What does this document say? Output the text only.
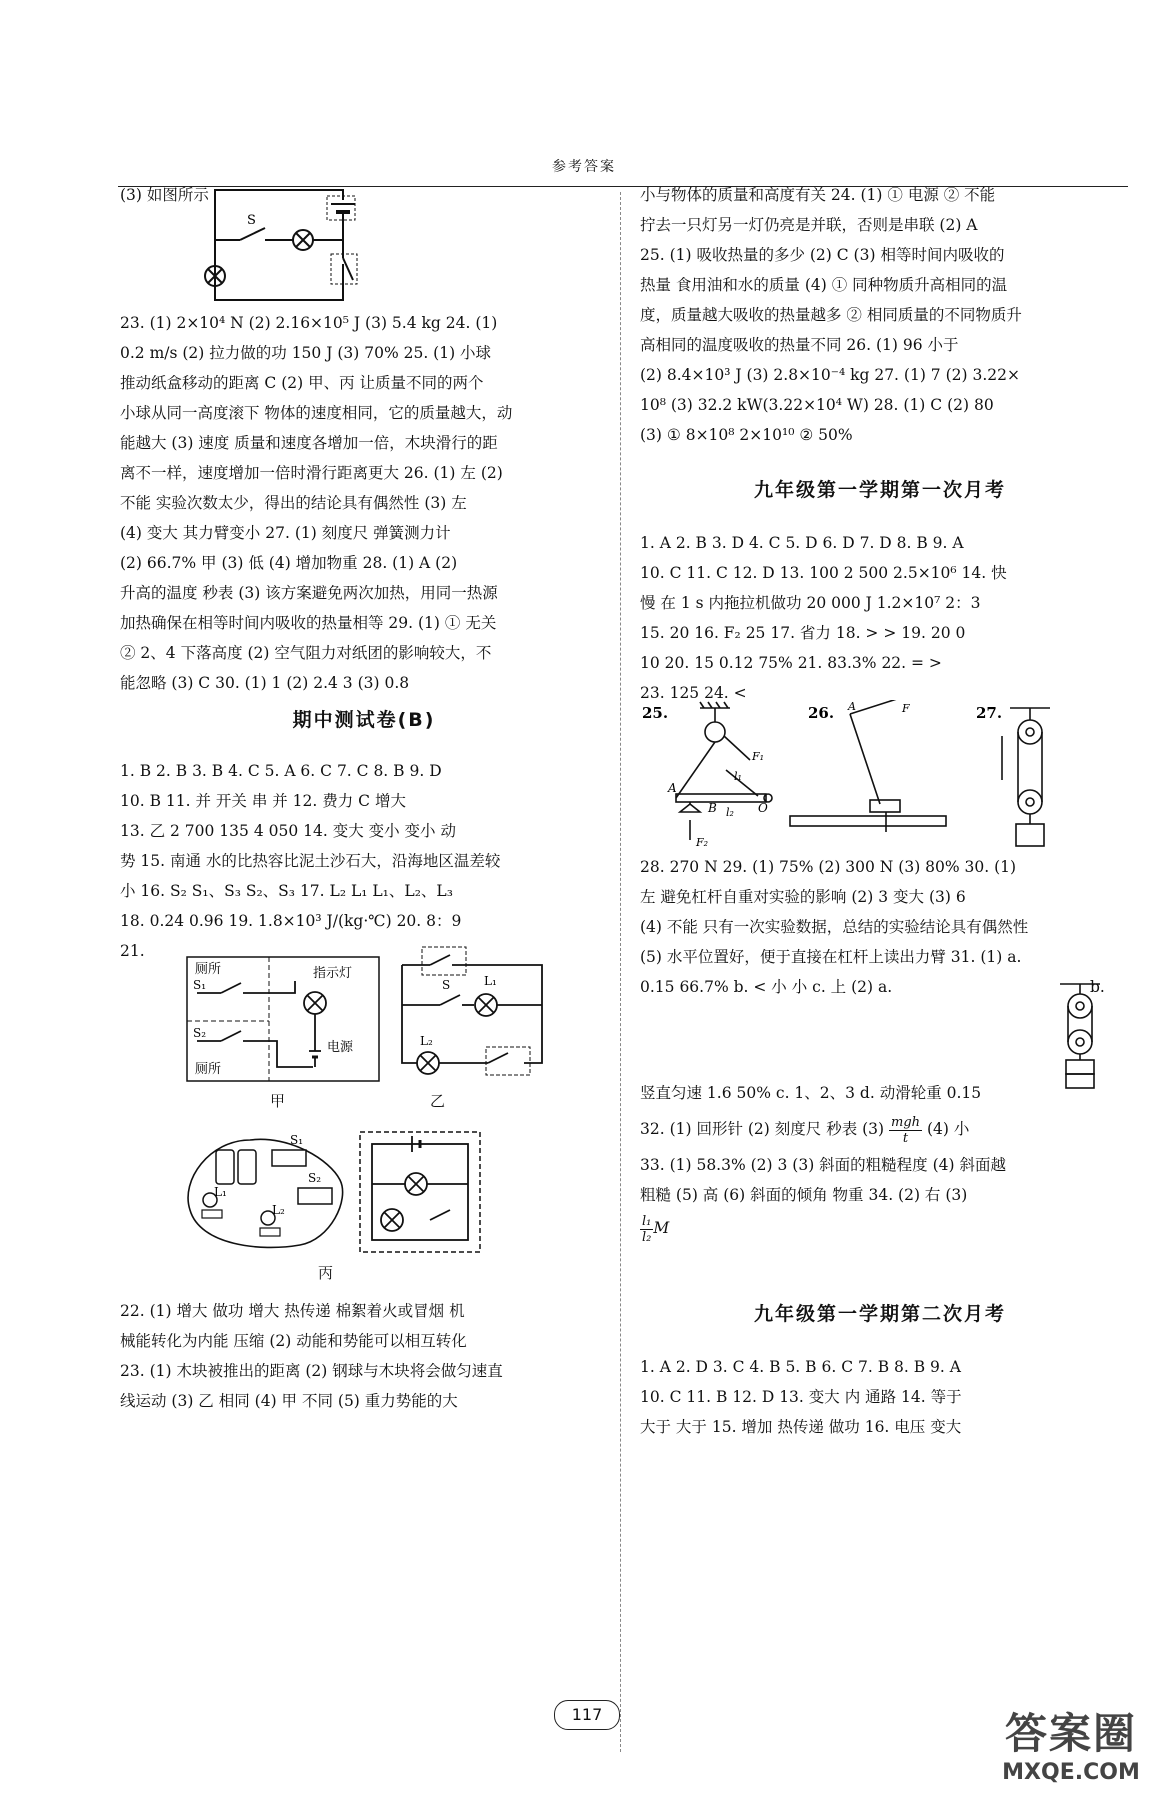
参考答案
(3) 如图所示
S
23. (1) 2×10⁴ N (2) 2.16×10⁵ J (3) 5.4 kg 24. (1)
0.2 m/s (2) 拉力做的功 150 J (3) 70% 25. (1) 小球
推动纸盒移动的距离 C (2) 甲、丙 让质量不同的两个
小球从同一高度滚下 物体的速度相同，它的质量越大，动
能越大 (3) 速度 质量和速度各增加一倍，木块滑行的距
离不一样，速度增加一倍时滑行距离更大 26. (1) 左 (2)
不能 实验次数太少，得出的结论具有偶然性 (3) 左
(4) 变大 其力臂变小 27. (1) 刻度尺 弹簧测力计
(2) 66.7% 甲 (3) 低 (4) 增加物重 28. (1) A (2)
升高的温度 秒表 (3) 该方案避免两次加热，用同一热源
加热确保在相等时间内吸收的热量相等 29. (1) ① 无关
② 2、4 下落高度 (2) 空气阻力对纸团的影响较大，不
能忽略 (3) C 30. (1) 1 (2) 2.4 3 (3) 0.8
期中测试卷(B)
1. B 2. B 3. B 4. C 5. A 6. C 7. C 8. B 9. D
10. B 11. 并 开关 串 并 12. 费力 C 增大
13. 乙 2 700 135 4 050 14. 变大 变小 变小 动
势 15. 南通 水的比热容比泥土沙石大，沿海地区温差较
小 16. S₂ S₁、S₃ S₂、S₃ 17. L₂ L₁ L₁、L₂、L₃
18. 0.24 0.96 19. 1.8×10³ J/(kg·℃) 20. 8：9
21.
厕所
S₁
S₂
厕所
指示灯
电源
甲
S	L₁
L₂
乙
S₁
S₂
L₁
L₂
丙
22. (1) 增大 做功 增大 热传递 棉絮着火或冒烟 机
械能转化为内能 压缩 (2) 动能和势能可以相互转化
23. (1) 木块被推出的距离 (2) 钢球与木块将会做匀速直
线运动 (3) 乙 相同 (4) 甲 不同 (5) 重力势能的大
小与物体的质量和高度有关 24. (1) ① 电源 ② 不能
拧去一只灯另一灯仍亮是并联，否则是串联 (2) A
25. (1) 吸收热量的多少 (2) C (3) 相等时间内吸收的
热量 食用油和水的质量 (4) ① 同种物质升高相同的温
度，质量越大吸收的热量越多 ② 相同质量的不同物质升
高相同的温度吸收的热量不同 26. (1) 96 小于
(2) 8.4×10³ J (3) 2.8×10⁻⁴ kg 27. (1) 7 (2) 3.22×
10⁸ (3) 32.2 kW(3.22×10⁴ W) 28. (1) C (2) 80
(3) ① 8×10⁸ 2×10¹⁰ ② 50%
九年级第一学期第一次月考
1. A 2. B 3. D 4. C 5. D 6. D 7. D 8. B 9. A
10. C 11. C 12. D 13. 100 2 500 2.5×10⁶ 14. 快
慢 在 1 s 内拖拉机做功 20 000 J 1.2×10⁷ 2：3
15. 20 16. F₂ 25 17. 省力 18. > > 19. 20 0
10 20. 15 0.12 75% 21. 83.3% 22. = >
23. 125 24. <
25.
A
B	O
l₁
l₂
F₁
F₂
26. A	F	27.
28. 270 N 29. (1) 75% (2) 300 N (3) 80% 30. (1)
左 避免杠杆自重对实验的影响 (2) 3 变大 (3) 6
(4) 不能 只有一次实验数据，总结的实验结论具有偶然性
(5) 水平位置好，便于直接在杠杆上读出力臂 31. (1) a.
0.15 66.7% b. < 小 小 c. 上 (2) a.	b.
竖直匀速 1.6 50% c. 1、2、3 d. 动滑轮重 0.15
32. (1) 回形针 (2) 刻度尺 秒表 $(3) \frac{\text{mgh}}{t} (4)$ 小
33. (1) 58.3% (2) 3 (3) 斜面的粗糙程度 (4) 斜面越
粗糙 (5) 高 (6) 斜面的倾角 物重 34. (2) 右 (3)
$\frac{\text{l₁}}{\text{l₂}}$ M
九年级第一学期第二次月考
1. A 2. D 3. C 4. B 5. B 6. C 7. B 8. B 9. A
10. C 11. B 12. D 13. 变大 内 通路 14. 等于
大于 大于 15. 增加 热传递 做功 16. 电压 变大
117	答案圈
MXQE.COM
